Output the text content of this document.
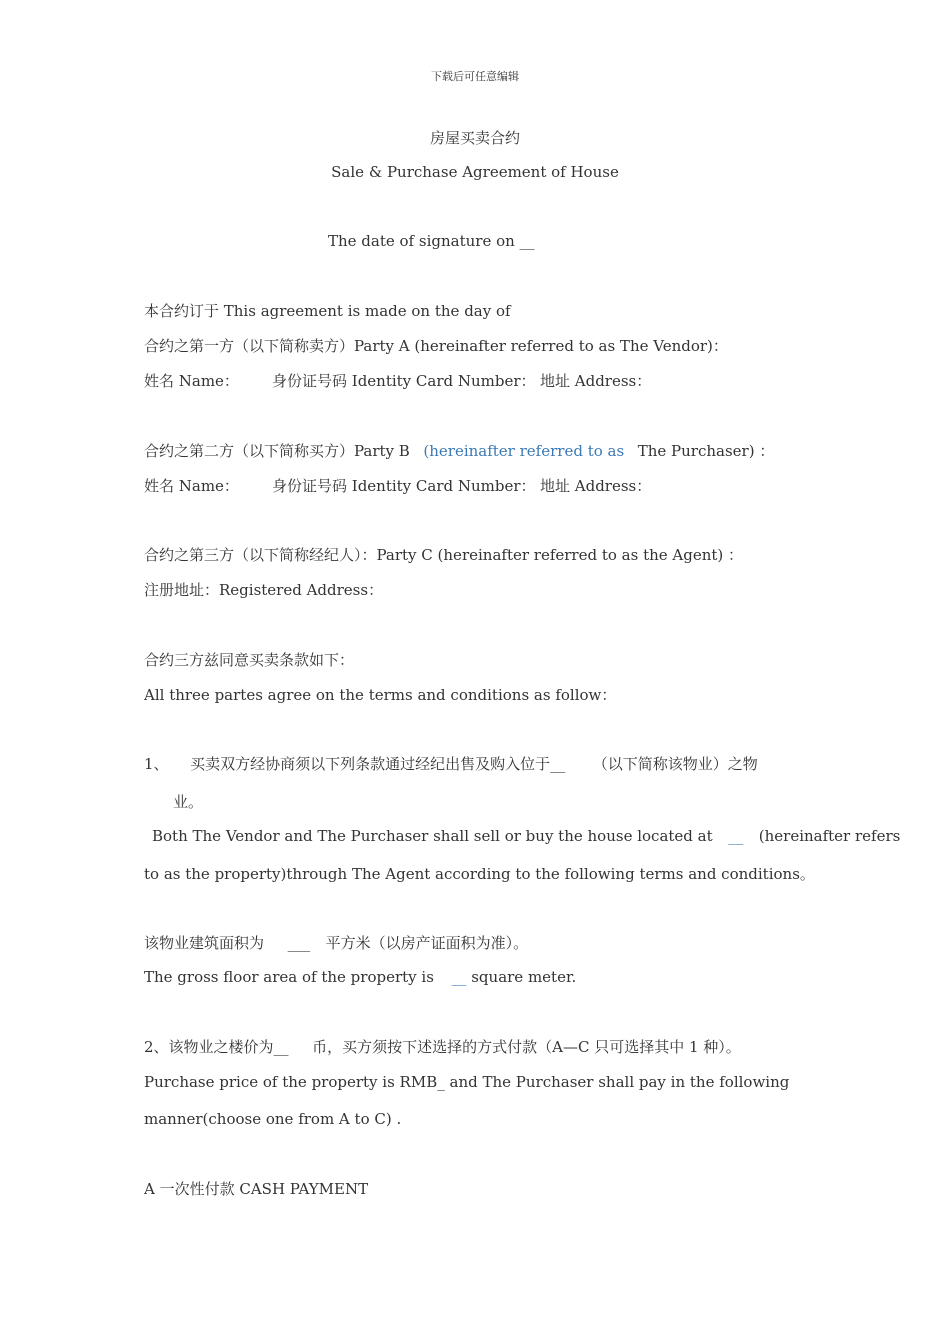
下载后可任意编辑
房屋买卖合约
Sale & Purchase Agreement of House
The date of signature on __
本合约订于 This agreement is made on the day of
合约之第一方（以下简称卖方）Party A (hereinafter referred to as The Vendor)：
姓名 Name： 身份证号码 Identity Card Number： 地址 Address：
合约之第二方（以下简称买方）Party B (hereinafter referred to as The Purchaser) ：
姓名 Name： 身份证号码 Identity Card Number： 地址 Address：
合约之第三方（以下简称经纪人）：Party C (hereinafter referred to as the Agent) ：
注册地址：Registered Address：
合约三方兹同意买卖条款如下：
All three partes agree on the terms and conditions as follow：
1、 买卖双方经协商须以下列条款通过经纪出售及购入位于__ （以下简称该物业）之物
业。
Both The Vendor and The Purchaser shall sell or buy the house located at __ (hereinafter refers
to as the property)through The Agent according to the following terms and conditions。
该物业建筑面积为 ___ 平方米（以房产证面积为准）。
The gross floor area of the property is __ square meter.
2、该物业之楼价为__ 币，买方须按下述选择的方式付款（A—C 只可选择其中 1 种）。
Purchase price of the property is RMB_ and The Purchaser shall pay in the following
manner(choose one from A to C) .
A 一次性付款 CASH PAYMENT
